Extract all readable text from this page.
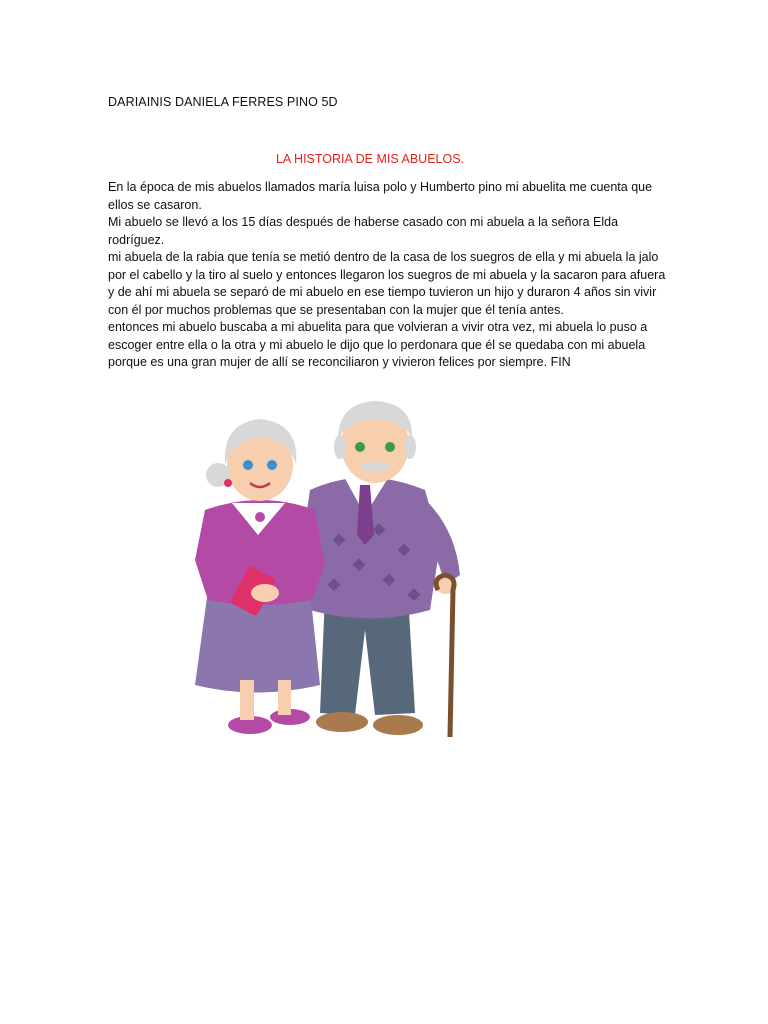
DARIAINIS DANIELA FERRES PINO 5D
LA HISTORIA DE MIS ABUELOS.

En la época de mis abuelos llamados maría luisa polo y Humberto pino mi abuelita me cuenta que ellos se casaron.

Mi abuelo se llevó a los 15 días después de haberse casado con mi abuela a la señora Elda rodríguez.

mi abuela de la rabia que tenía se metió dentro de la casa de los suegros de ella y mi abuela la jalo por el cabello y la tiro al suelo y entonces llegaron los suegros de mi abuela y la sacaron para afuera y de ahí mi abuela se separó de mi abuelo en ese tiempo tuvieron un hijo y duraron 4 años sin vivir con él por muchos problemas que se presentaban con la mujer que él tenía antes.

entonces mi abuelo buscaba a mi abuelita para que volvieran a vivir otra vez, mi abuela lo puso a escoger entre ella o la otra y mi abuelo le dijo que lo perdonara que él se quedaba con mi abuela porque es una gran mujer de allí se reconciliaron y vivieron felices por siempre. FIN
